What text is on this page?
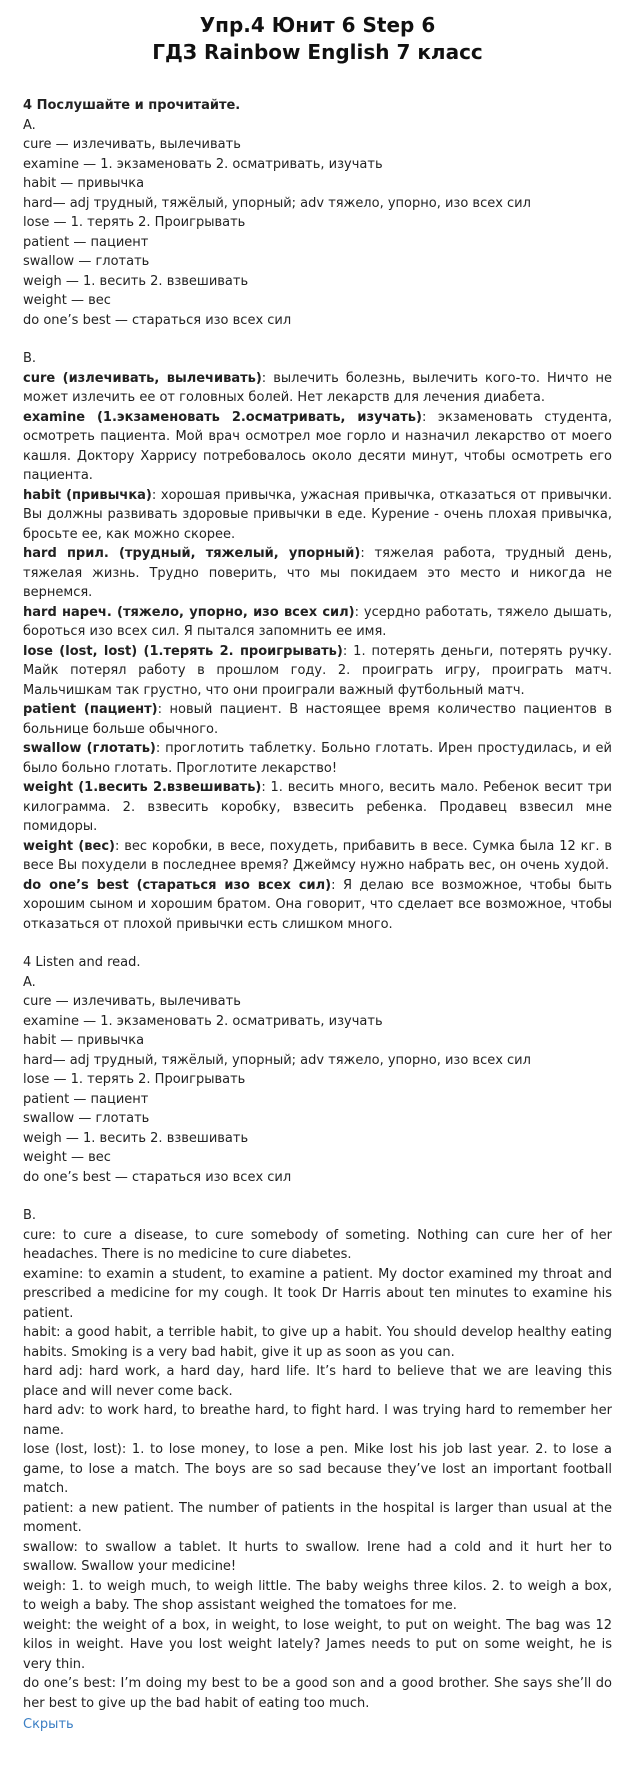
Упр.4 Юнит 6 Step 6
ГДЗ Rainbow English 7 класс

4 Послушайте и прочитайте.

A.

cure — излечивать, вылечивать

examine — 1. экзаменовать 2. осматривать, изучать

habit — привычка

hard— adj трудный, тяжёлый, упорный; adv тяжело, упорно, изо всех сил

lose — 1. терять 2. Проигрывать

patient — пациент

swallow — глотать

weigh — 1. весить 2. взвешивать

weight — вес

do one’s best — стараться изо всех сил

B.

cure (излечивать, вылечивать): вылечить болезнь, вылечить кого-то. Ничто не может излечить ее от головных болей. Нет лекарств для лечения диабета.

examine (1.экзаменовать 2.осматривать, изучать): экзаменовать студента, осмотреть пациента. Мой врач осмотрел мое горло и назначил лекарство от моего кашля. Доктору Харрису потребовалось около десяти минут, чтобы осмотреть его пациента.

habit (привычка): хорошая привычка, ужасная привычка, отказаться от привычки. Вы должны развивать здоровые привычки в еде. Курение - очень плохая привычка, бросьте ее, как можно скорее.

hard прил. (трудный, тяжелый, упорный): тяжелая работа, трудный день, тяжелая жизнь. Трудно поверить, что мы покидаем это место и никогда не вернемся.

hard нареч. (тяжело, упорно, изо всех сил): усердно работать, тяжело дышать, бороться изо всех сил. Я пытался запомнить ее имя.

lose (lost, lost) (1.терять 2. проигрывать): 1. потерять деньги, потерять ручку. Майк потерял работу в прошлом году. 2. проиграть игру, проиграть матч. Мальчишкам так грустно, что они проиграли важный футбольный матч.

patient (пациент): новый пациент. В настоящее время количество пациентов в больнице больше обычного.

swallow (глотать): проглотить таблетку. Больно глотать. Ирен простудилась, и ей было больно глотать. Проглотите лекарство!

weight (1.весить 2.взвешивать): 1. весить много, весить мало. Ребенок весит три килограмма. 2. взвесить коробку, взвесить ребенка. Продавец взвесил мне помидоры.

weight (вес): вес коробки, в весе, похудеть, прибавить в весе. Сумка была 12 кг. в весе Вы похудели в последнее время? Джеймсу нужно набрать вес, он очень худой.

do one’s best (стараться изо всех сил): Я делаю все возможное, чтобы быть хорошим сыном и хорошим братом. Она говорит, что сделает все возможное, чтобы отказаться от плохой привычки есть слишком много.

4 Listen and read.

A.

cure — излечивать, вылечивать

examine — 1. экзаменовать 2. осматривать, изучать

habit — привычка

hard— adj трудный, тяжёлый, упорный; adv тяжело, упорно, изо всех сил

lose — 1. терять 2. Проигрывать

patient — пациент

swallow — глотать

weigh — 1. весить 2. взвешивать

weight — вес

do one’s best — стараться изо всех сил

B.

cure: to cure a disease, to cure somebody of someting. Nothing can cure her of her headaches. There is no medicine to cure diabetes.

examine: to examin a student, to examine a patient. My doctor examined my throat and prescribed a medicine for my cough. It took Dr Harris about ten minutes to examine his patient.

habit: a good habit, a terrible habit, to give up a habit. You should develop healthy eating habits. Smoking is a very bad habit, give it up as soon as you can.

hard adj: hard work, a hard day, hard life. It’s hard to believe that we are leaving this place and will never come back.

hard adv: to work hard, to breathe hard, to fight hard. I was trying hard to remember her name.

lose (lost, lost): 1. to lose money, to lose a pen. Mike lost his job last year. 2. to lose a game, to lose a match. The boys are so sad because they’ve lost an important football match.

patient: a new patient. The number of patients in the hospital is larger than usual at the moment.

swallow: to swallow a tablet. It hurts to swallow. Irene had a cold and it hurt her to swallow. Swallow your medicine!

weigh: 1. to weigh much, to weigh little. The baby weighs three kilos. 2. to weigh a box, to weigh a baby. The shop assistant weighed the tomatoes for me.

weight: the weight of a box, in weight, to lose weight, to put on weight. The bag was 12 kilos in weight. Have you lost weight lately? James needs to put on some weight, he is very thin.

do one’s best: I’m doing my best to be a good son and a good brother. She says she’ll do her best to give up the bad habit of eating too much.

Скрыть
